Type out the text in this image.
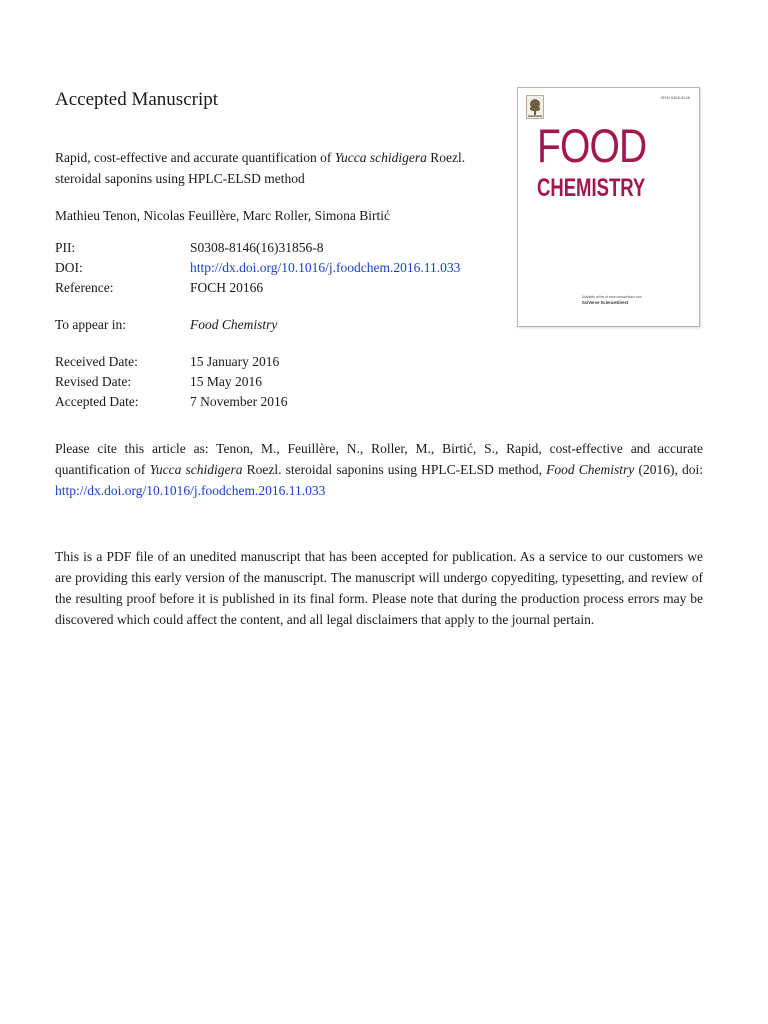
Accepted Manuscript

Rapid, cost-effective and accurate quantification of Yucca schidigera Roezl. steroidal saponins using HPLC-ELSD method

Mathieu Tenon, Nicolas Feuillère, Marc Roller, Simona Birtić

PII:	S0308-8146(16)31856-8
DOI:	http://dx.doi.org/10.1016/j.foodchem.2016.11.033
Reference:	FOCH 20166
To appear in:	Food Chemistry
Received Date:	15 January 2016
Revised Date:	15 May 2016
Accepted Date:	7 November 2016

Please cite this article as: Tenon, M., Feuillère, N., Roller, M., Birtić, S., Rapid, cost-effective and accurate quantification of Yucca schidigera Roezl. steroidal saponins using HPLC-ELSD method, Food Chemistry (2016), doi: http://dx.doi.org/10.1016/j.foodchem.2016.11.033

This is a PDF file of an unedited manuscript that has been accepted for publication. As a service to our customers we are providing this early version of the manuscript. The manuscript will undergo copyediting, typesetting, and review of the resulting proof before it is published in its final form. Please note that during the production process errors may be discovered which could affect the content, and all legal disclaimers that apply to the journal pertain.

ISSN 0308-8146
FOOD
CHEMISTRY
Available online at www.sciencedirect.com
SciVerse ScienceDirect
